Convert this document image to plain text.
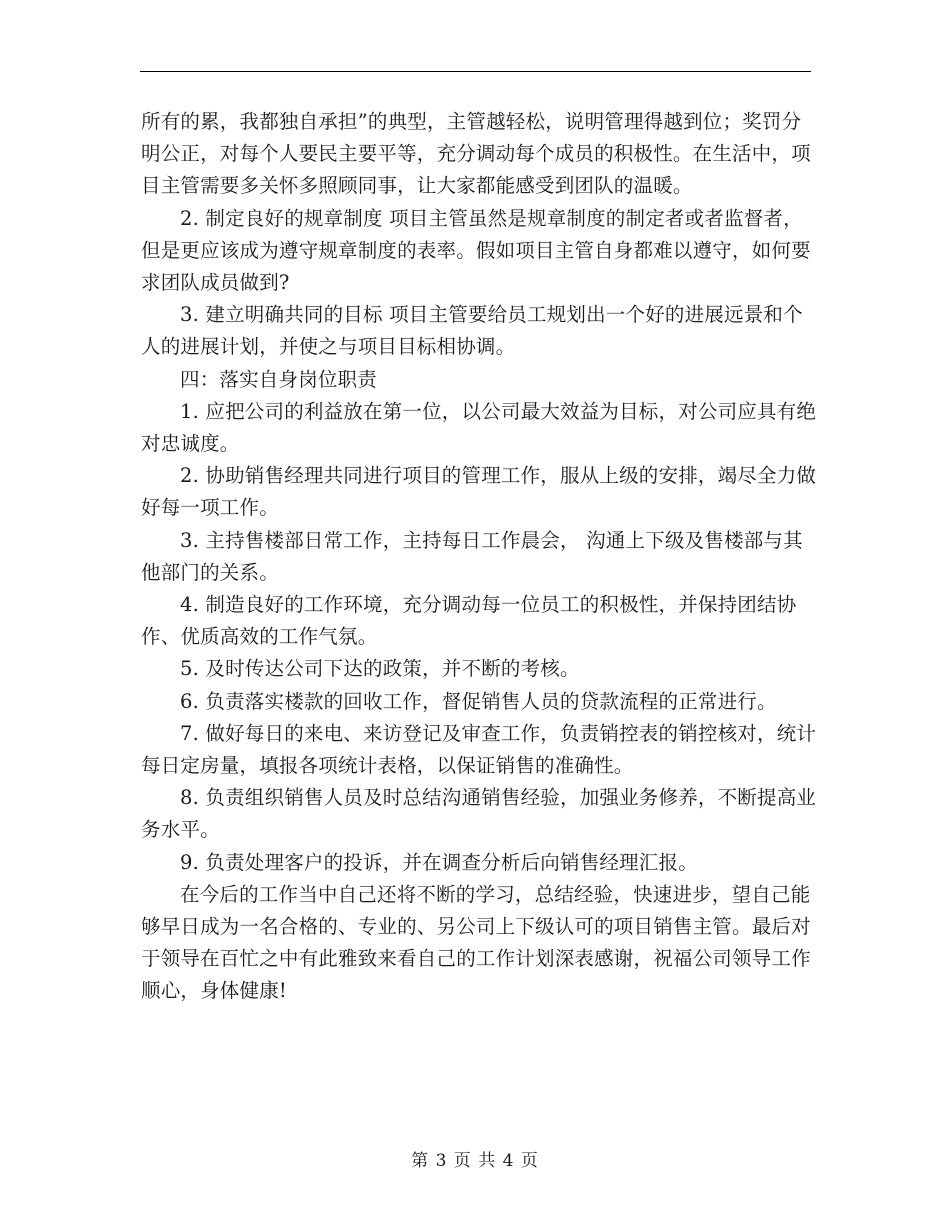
所有的累，我都独自承担”的典型，主管越轻松，说明管理得越到位；奖罚分明公正，对每个人要民主要平等，充分调动每个成员的积极性。在生活中，项目主管需要多关怀多照顾同事，让大家都能感受到团队的温暖。

2. 制定良好的规章制度 项目主管虽然是规章制度的制定者或者监督者，但是更应该成为遵守规章制度的表率。假如项目主管自身都难以遵守，如何要求团队成员做到?

3. 建立明确共同的目标 项目主管要给员工规划出一个好的进展远景和个人的进展计划，并使之与项目目标相协调。

四：落实自身岗位职责

1. 应把公司的利益放在第一位，以公司最大效益为目标，对公司应具有绝对忠诚度。

2. 协助销售经理共同进行项目的管理工作，服从上级的安排，竭尽全力做好每一项工作。

3. 主持售楼部日常工作，主持每日工作晨会， 沟通上下级及售楼部与其他部门的关系。

4. 制造良好的工作环境，充分调动每一位员工的积极性，并保持团结协作、优质高效的工作气氛。

5. 及时传达公司下达的政策，并不断的考核。

6. 负责落实楼款的回收工作，督促销售人员的贷款流程的正常进行。

7. 做好每日的来电、来访登记及审查工作，负责销控表的销控核对，统计每日定房量，填报各项统计表格，以保证销售的准确性。

8. 负责组织销售人员及时总结沟通销售经验，加强业务修养，不断提高业务水平。

9. 负责处理客户的投诉，并在调查分析后向销售经理汇报。

在今后的工作当中自己还将不断的学习，总结经验，快速进步，望自己能够早日成为一名合格的、专业的、另公司上下级认可的项目销售主管。最后对于领导在百忙之中有此雅致来看自己的工作计划深表感谢，祝福公司领导工作顺心，身体健康!

第 3 页 共 4 页
